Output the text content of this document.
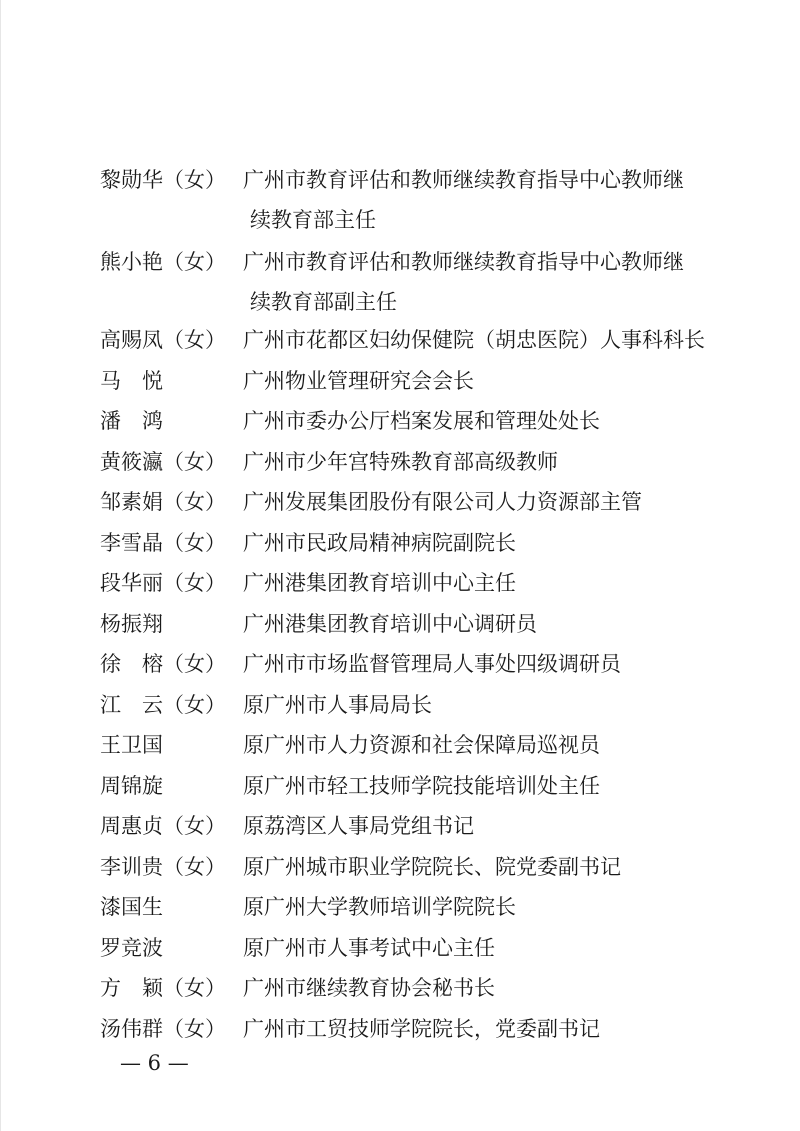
黎勋华（女） 广州市教育评估和教师继续教育指导中心教师继
续教育部主任
熊小艳（女） 广州市教育评估和教师继续教育指导中心教师继
续教育部副主任
高赐凤（女） 广州市花都区妇幼保健院（胡忠医院）人事科科长
马　悦	广州物业管理研究会会长
潘　鸿	广州市委办公厅档案发展和管理处处长
黄筱瀛（女） 广州市少年宫特殊教育部高级教师
邹素娟（女） 广州发展集团股份有限公司人力资源部主管
李雪晶（女） 广州市民政局精神病院副院长
段华丽（女） 广州港集团教育培训中心主任
杨振翔	广州港集团教育培训中心调研员
徐　榕（女） 广州市市场监督管理局人事处四级调研员
江　云（女） 原广州市人事局局长
王卫国	原广州市人力资源和社会保障局巡视员
周锦旋	原广州市轻工技师学院技能培训处主任
周惠贞（女） 原荔湾区人事局党组书记
李训贵（女） 原广州城市职业学院院长、院党委副书记
漆国生	原广州大学教师培训学院院长
罗竞波	原广州市人事考试中心主任
方　颖（女） 广州市继续教育协会秘书长
汤伟群（女） 广州市工贸技师学院院长，党委副书记
— 6 —
